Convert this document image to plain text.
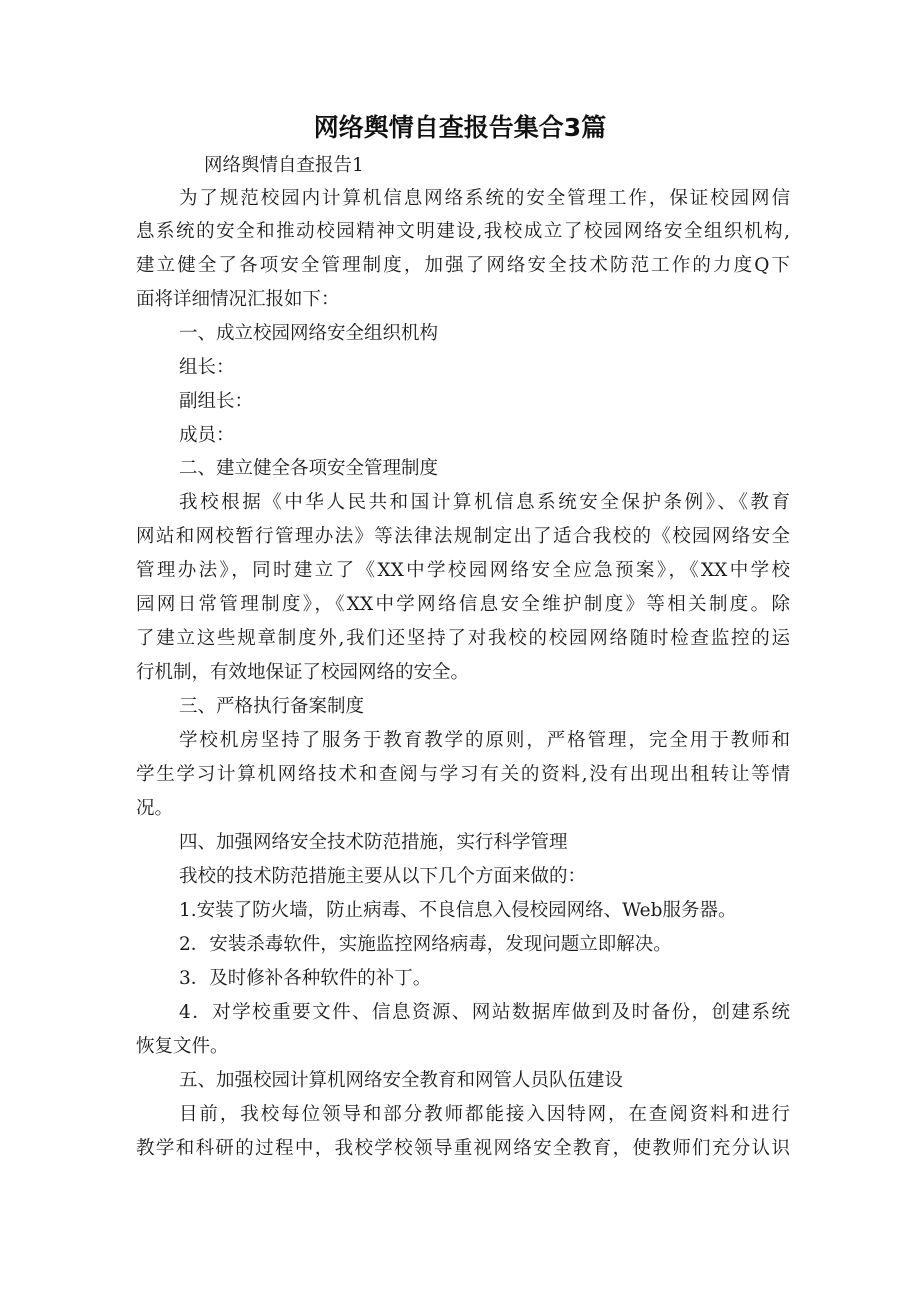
网络舆情自查报告集合3篇

网络舆情自查报告1

为了规范校园内计算机信息网络系统的安全管理工作，保证校园网信

息系统的安全和推动校园精神文明建设,我校成立了校园网络安全组织机构,

建立健全了各项安全管理制度，加强了网络安全技术防范工作的力度Q下

面将详细情况汇报如下：

一、成立校园网络安全组织机构

组长：

副组长：

成员：

二、建立健全各项安全管理制度

我校根据《中华人民共和国计算机信息系统安全保护条例》、《教育

网站和网校暂行管理办法》等法律法规制定出了适合我校的《校园网络安全

管理办法》，同时建立了《XX中学校园网络安全应急预案》，《XX中学校

园网日常管理制度》，《XX中学网络信息安全维护制度》等相关制度。除

了建立这些规章制度外,我们还坚持了对我校的校园网络随时检查监控的运

行机制，有效地保证了校园网络的安全。

三、严格执行备案制度

学校机房坚持了服务于教育教学的原则，严格管理，完全用于教师和

学生学习计算机网络技术和查阅与学习有关的资料,没有出现出租转让等情

况。

四、加强网络安全技术防范措施，实行科学管理

我校的技术防范措施主要从以下几个方面来做的：

1.安装了防火墙，防止病毒、不良信息入侵校园网络、Web服务器。

2．安装杀毒软件，实施监控网络病毒，发现问题立即解决。

3．及时修补各种软件的补丁。

4．对学校重要文件、信息资源、网站数据库做到及时备份，创建系统

恢复文件。

五、加强校园计算机网络安全教育和网管人员队伍建设

目前，我校每位领导和部分教师都能接入因特网，在查阅资料和进行

教学和科研的过程中，我校学校领导重视网络安全教育，使教师们充分认识
